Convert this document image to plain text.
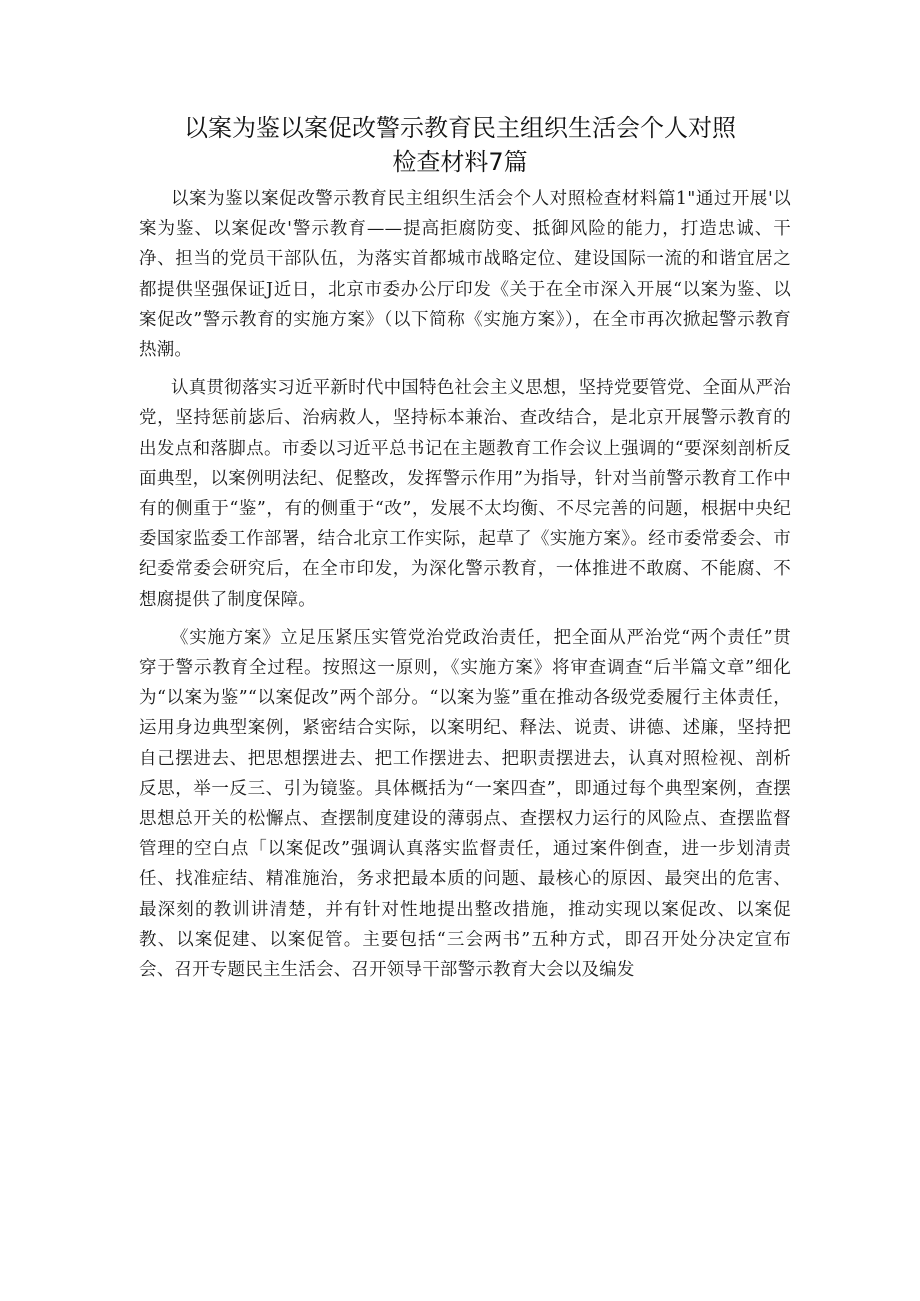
以案为鉴以案促改警示教育民主组织生活会个人对照
检查材料7篇

以案为鉴以案促改警示教育民主组织生活会个人对照检查材料篇1"通过开展'以案为鉴、以案促改'警示教育——提高拒腐防变、抵御风险的能力，打造忠诚、干净、担当的党员干部队伍，为落实首都城市战略定位、建设国际一流的和谐宜居之都提供坚强保证J近日，北京市委办公厅印发《关于在全市深入开展“以案为鉴、以案促改”警示教育的实施方案》（以下简称《实施方案》），在全市再次掀起警示教育热潮。

认真贯彻落实习近平新时代中国特色社会主义思想，坚持党要管党、全面从严治党，坚持惩前毖后、治病救人，坚持标本兼治、查改结合，是北京开展警示教育的出发点和落脚点。市委以习近平总书记在主题教育工作会议上强调的“要深刻剖析反面典型，以案例明法纪、促整改，发挥警示作用”为指导，针对当前警示教育工作中有的侧重于“鉴”，有的侧重于“改”，发展不太均衡、不尽完善的问题，根据中央纪委国家监委工作部署，结合北京工作实际，起草了《实施方案》。经市委常委会、市纪委常委会研究后，在全市印发，为深化警示教育，一体推进不敢腐、不能腐、不想腐提供了制度保障。

《实施方案》立足压紧压实管党治党政治责任，把全面从严治党“两个责任”贯穿于警示教育全过程。按照这一原则，《实施方案》将审查调查“后半篇文章”细化为“以案为鉴”“以案促改”两个部分。“以案为鉴”重在推动各级党委履行主体责任，运用身边典型案例，紧密结合实际，以案明纪、释法、说责、讲德、述廉，坚持把自己摆进去、把思想摆进去、把工作摆进去、把职责摆进去，认真对照检视、剖析反思，举一反三、引为镜鉴。具体概括为“一案四查”，即通过每个典型案例，查摆思想总开关的松懈点、查摆制度建设的薄弱点、查摆权力运行的风险点、查摆监督管理的空白点「以案促改”强调认真落实监督责任，通过案件倒查，进一步划清责任、找准症结、精准施治，务求把最本质的问题、最核心的原因、最突出的危害、最深刻的教训讲清楚，并有针对性地提出整改措施，推动实现以案促改、以案促教、以案促建、以案促管。主要包括“三会两书”五种方式，即召开处分决定宣布会、召开专题民主生活会、召开领导干部警示教育大会以及编发
